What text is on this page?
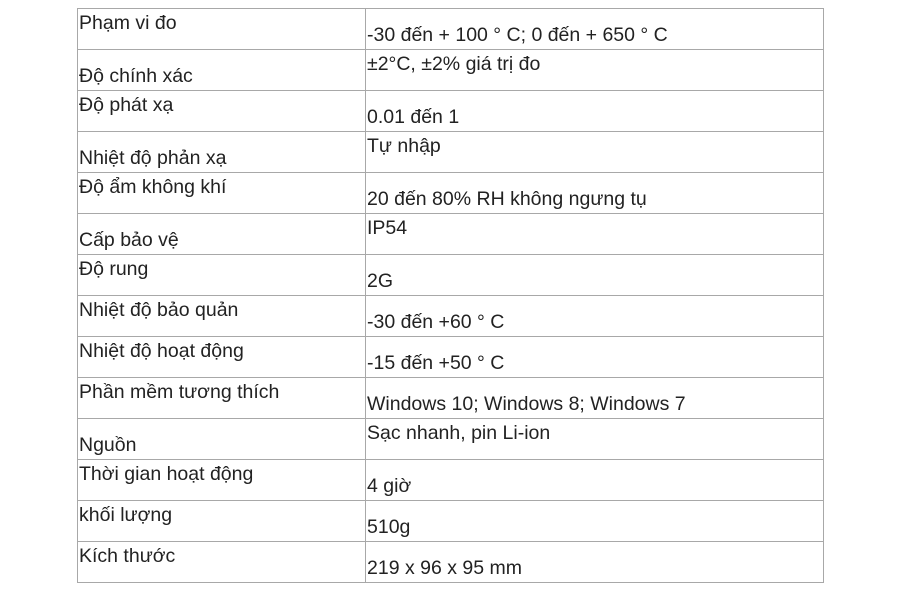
Phạm vi đo	-30 đến + 100 ° C; 0 đến + 650 ° C
Độ chính xác	±2°C, ±2% giá trị đo
Độ phát xạ	0.01 đến 1
Nhiệt độ phản xạ	Tự nhập
Độ ẩm không khí	20 đến 80% RH không ngưng tụ
Cấp bảo vệ	IP54
Độ rung	2G
Nhiệt độ bảo quản	-30 đến +60 ° C
Nhiệt độ hoạt động	-15 đến +50 ° C
Phần mềm tương thích	Windows 10; Windows 8; Windows 7
Nguồn	Sạc nhanh, pin Li-ion
Thời gian hoạt động	4 giờ
khối lượng	510g
Kích thước	219 x 96 x 95 mm
